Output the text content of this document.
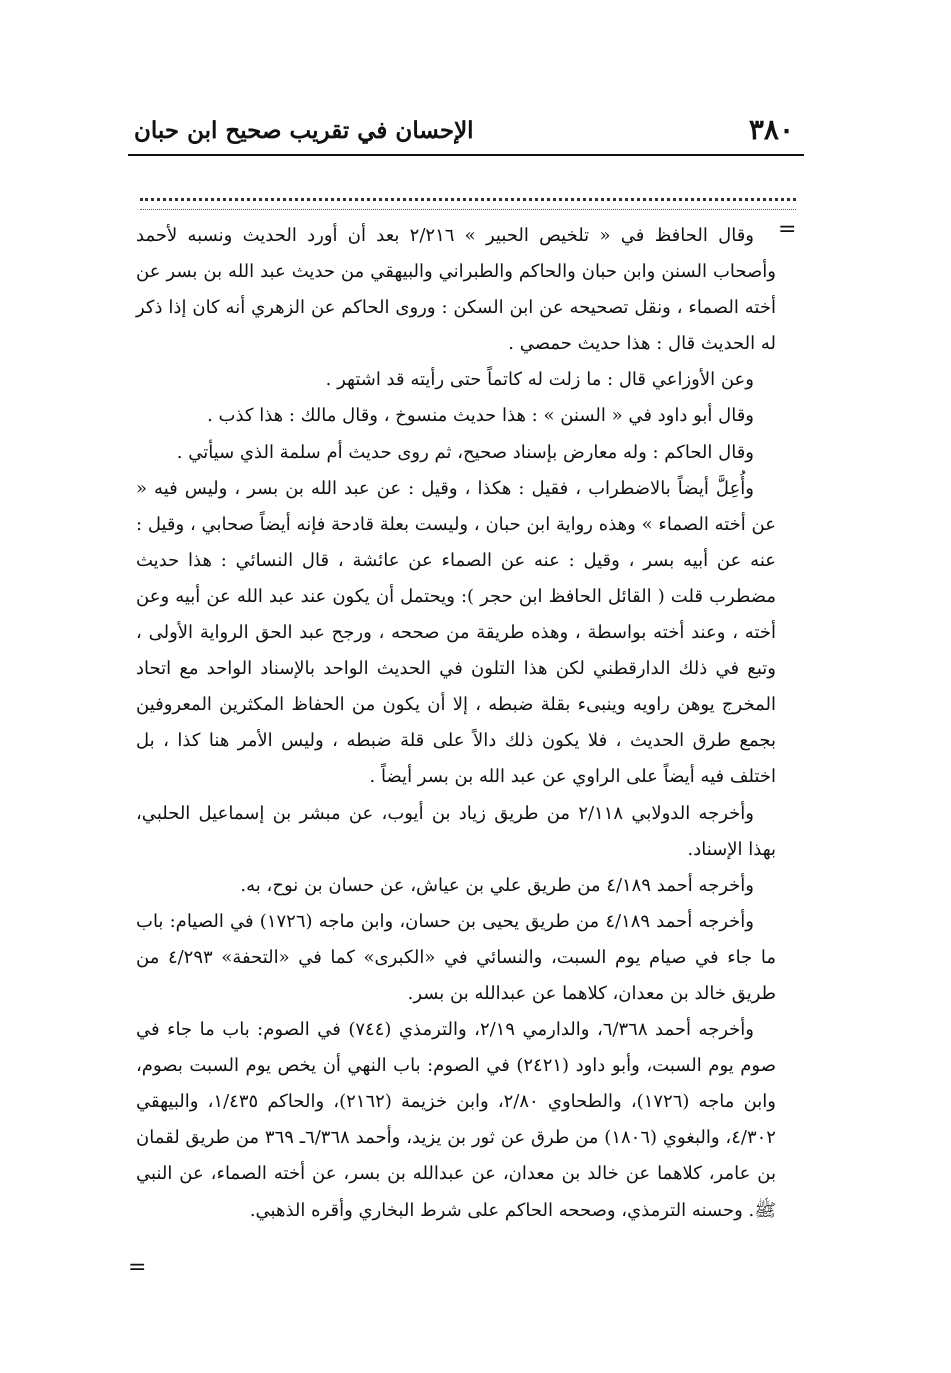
٣٨٠
الإحسان في تقريب صحيح ابن حبان
=

وقال الحافظ في « تلخيص الحبير » ٢/٢١٦ بعد أن أورد الحديث ونسبه لأحمد وأصحاب السنن وابن حبان والحاكم والطبراني والبيهقي من حديث عبد الله بن بسر عن أخته الصماء ، ونقل تصحيحه عن ابن السكن : وروى الحاكم عن الزهري أنه كان إذا ذكر له الحديث قال : هذا حديث حمصي .

وعن الأوزاعي قال : ما زلت له كاتماً حتى رأيته قد اشتهر .

وقال أبو داود في « السنن » : هذا حديث منسوخ ، وقال مالك : هذا كذب .

وقال الحاكم : وله معارض بإسناد صحيح، ثم روى حديث أم سلمة الذي سيأتي .

وأُعِلَّ أيضاً بالاضطراب ، فقيل : هكذا ، وقيل : عن عبد الله بن بسر ، وليس فيه « عن أخته الصماء » وهذه رواية ابن حبان ، وليست بعلة قادحة فإنه أيضاً صحابي ، وقيل : عنه عن أبيه بسر ، وقيل : عنه عن الصماء عن عائشة ، قال النسائي : هذا حديث مضطرب قلت ( القائل الحافظ ابن حجر ): ويحتمل أن يكون عند عبد الله عن أبيه وعن أخته ، وعند أخته بواسطة ، وهذه طريقة من صححه ، ورجح عبد الحق الرواية الأولى ، وتبع في ذلك الدارقطني لكن هذا التلون في الحديث الواحد بالإسناد الواحد مع اتحاد المخرج يوهن راويه وينبىء بقلة ضبطه ، إلا أن يكون من الحفاظ المكثرين المعروفين بجمع طرق الحديث ، فلا يكون ذلك دالاً على قلة ضبطه ، وليس الأمر هنا كذا ، بل اختلف فيه أيضاً على الراوي عن عبد الله بن بسر أيضاً .

وأخرجه الدولابي ٢/١١٨ من طريق زياد بن أيوب، عن مبشر بن إسماعيل الحلبي، بهذا الإسناد.

وأخرجه أحمد ٤/١٨٩ من طريق علي بن عياش، عن حسان بن نوح، به.

وأخرجه أحمد ٤/١٨٩ من طريق يحيى بن حسان، وابن ماجه (١٧٢٦) في الصيام: باب ما جاء في صيام يوم السبت، والنسائي في «الكبرى» كما في «التحفة» ٤/٢٩٣ من طريق خالد بن معدان، كلاهما عن عبدالله بن بسر.

وأخرجه أحمد ٦/٣٦٨، والدارمي ٢/١٩، والترمذي (٧٤٤) في الصوم: باب ما جاء في صوم يوم السبت، وأبو داود (٢٤٢١) في الصوم: باب النهي أن يخص يوم السبت بصوم، وابن ماجه (١٧٢٦)، والطحاوي ٢/٨٠، وابن خزيمة (٢١٦٢)، والحاكم ١/٤٣٥، والبيهقي ٤/٣٠٢، والبغوي (١٨٠٦) من طرق عن ثور بن يزيد، وأحمد ٦/٣٦٨ـ ٣٦٩ من طريق لقمان بن عامر، كلاهما عن خالد بن معدان، عن عبدالله بن بسر، عن أخته الصماء، عن النبي ﷺ. وحسنه الترمذي، وصححه الحاكم على شرط البخاري وأقره الذهبي.

=
